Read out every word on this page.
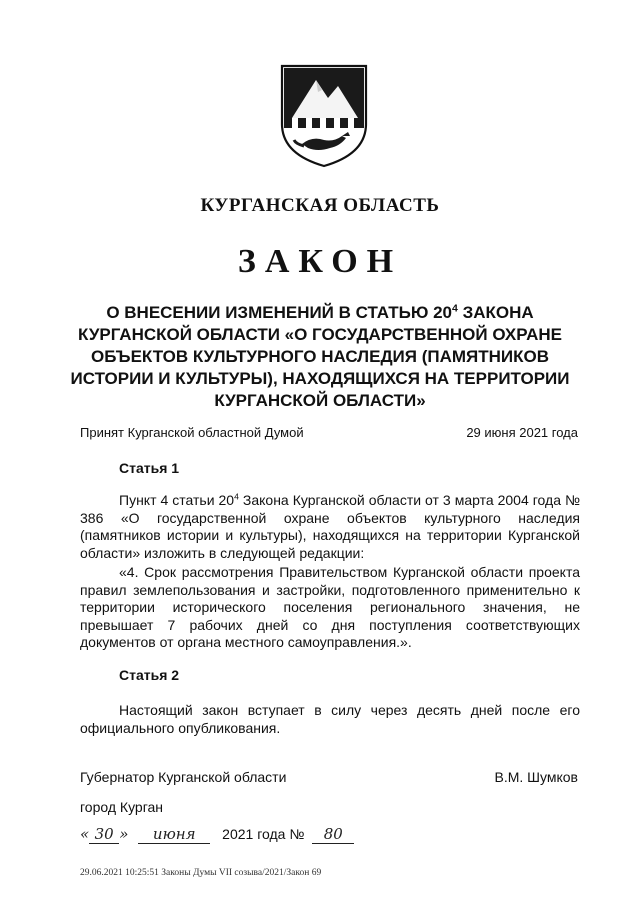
КУРГАНСКАЯ ОБЛАСТЬ
ЗАКОН
О ВНЕСЕНИИ ИЗМЕНЕНИЙ В СТАТЬЮ $20^4$ ЗАКОНА КУРГАНСКОЙ ОБЛАСТИ «О ГОСУДАРСТВЕННОЙ ОХРАНЕ ОБЪЕКТОВ КУЛЬТУРНОГО НАСЛЕДИЯ (ПАМЯТНИКОВ ИСТОРИИ И КУЛЬТУРЫ), НАХОДЯЩИХСЯ НА ТЕРРИТОРИИ КУРГАНСКОЙ ОБЛАСТИ»
Принят Курганской областной Думой	29 июня 2021 года
Статья 1
Пункт 4 статьи $20^4$ Закона Курганской области от 3 марта 2004 года № 386 «О государственной охране объектов культурного наследия (памятников истории и культуры), находящихся на территории Курганской области» изложить в следующей редакции:
«4. Срок рассмотрения Правительством Курганской области проекта правил землепользования и застройки, подготовленного применительно к территории исторического поселения регионального значения, не превышает 7 рабочих дней со дня поступления соответствующих документов от органа местного самоуправления.».
Статья 2
Настоящий закон вступает в силу через десять дней после его официального опубликования.
Губернатор Курганской области	В.М. Шумков
город Курган
« 30 » июня 2021 года № 80
29.06.2021 10:25:51 Законы Думы VII созыва/2021/Закон 69
